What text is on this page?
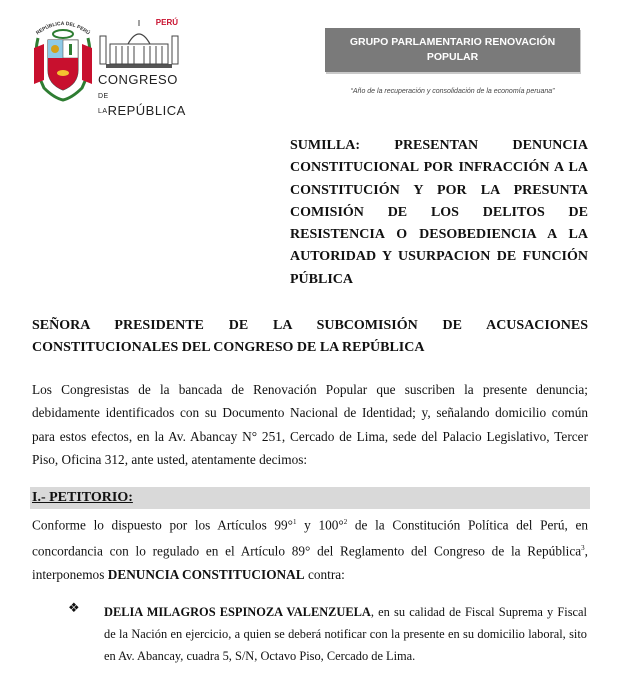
REPÚBLICA DEL PERÚ
PERÚ
CONGRESO
DE LAREPÚBLICA
GRUPO PARLAMENTARIO RENOVACIÓN POPULAR
“Año de la recuperación y consolidación de la economía peruana”
SUMILLA: PRESENTAN DENUNCIA CONSTITUCIONAL POR INFRACCIÓN A LA CONSTITUCIÓN Y POR LA PRESUNTA COMISIÓN DE LOS DELITOS DE RESISTENCIA O DESOBEDIENCIA A LA AUTORIDAD Y USURPACION DE FUNCIÓN PÚBLICA
SEÑORA PRESIDENTE DE LA SUBCOMISIÓN DE ACUSACIONES CONSTITUCIONALES DEL CONGRESO DE LA REPÚBLICA
Los Congresistas de la bancada de Renovación Popular que suscriben la presente denuncia; debidamente identificados con su Documento Nacional de Identidad; y, señalando domicilio común para estos efectos, en la Av. Abancay N° 251, Cercado de Lima, sede del Palacio Legislativo, Tercer Piso, Oficina 312, ante usted, atentamente decimos:
I.- PETITORIO:
Conforme lo dispuesto por los Artículos 99°$^1$ y 100°$^2$ de la Constitución Política del Perú, en concordancia con lo regulado en el Artículo 89° del Reglamento del Congreso de la República$^3$, interponemos DENUNCIA CONSTITUCIONAL contra:
❖ DELIA MILAGROS ESPINOZA VALENZUELA, en su calidad de Fiscal Suprema y Fiscal de la Nación en ejercicio, a quien se deberá notificar con la presente en su domicilio laboral, sito en Av. Abancay, cuadra 5, S/N, Octavo Piso, Cercado de Lima.
